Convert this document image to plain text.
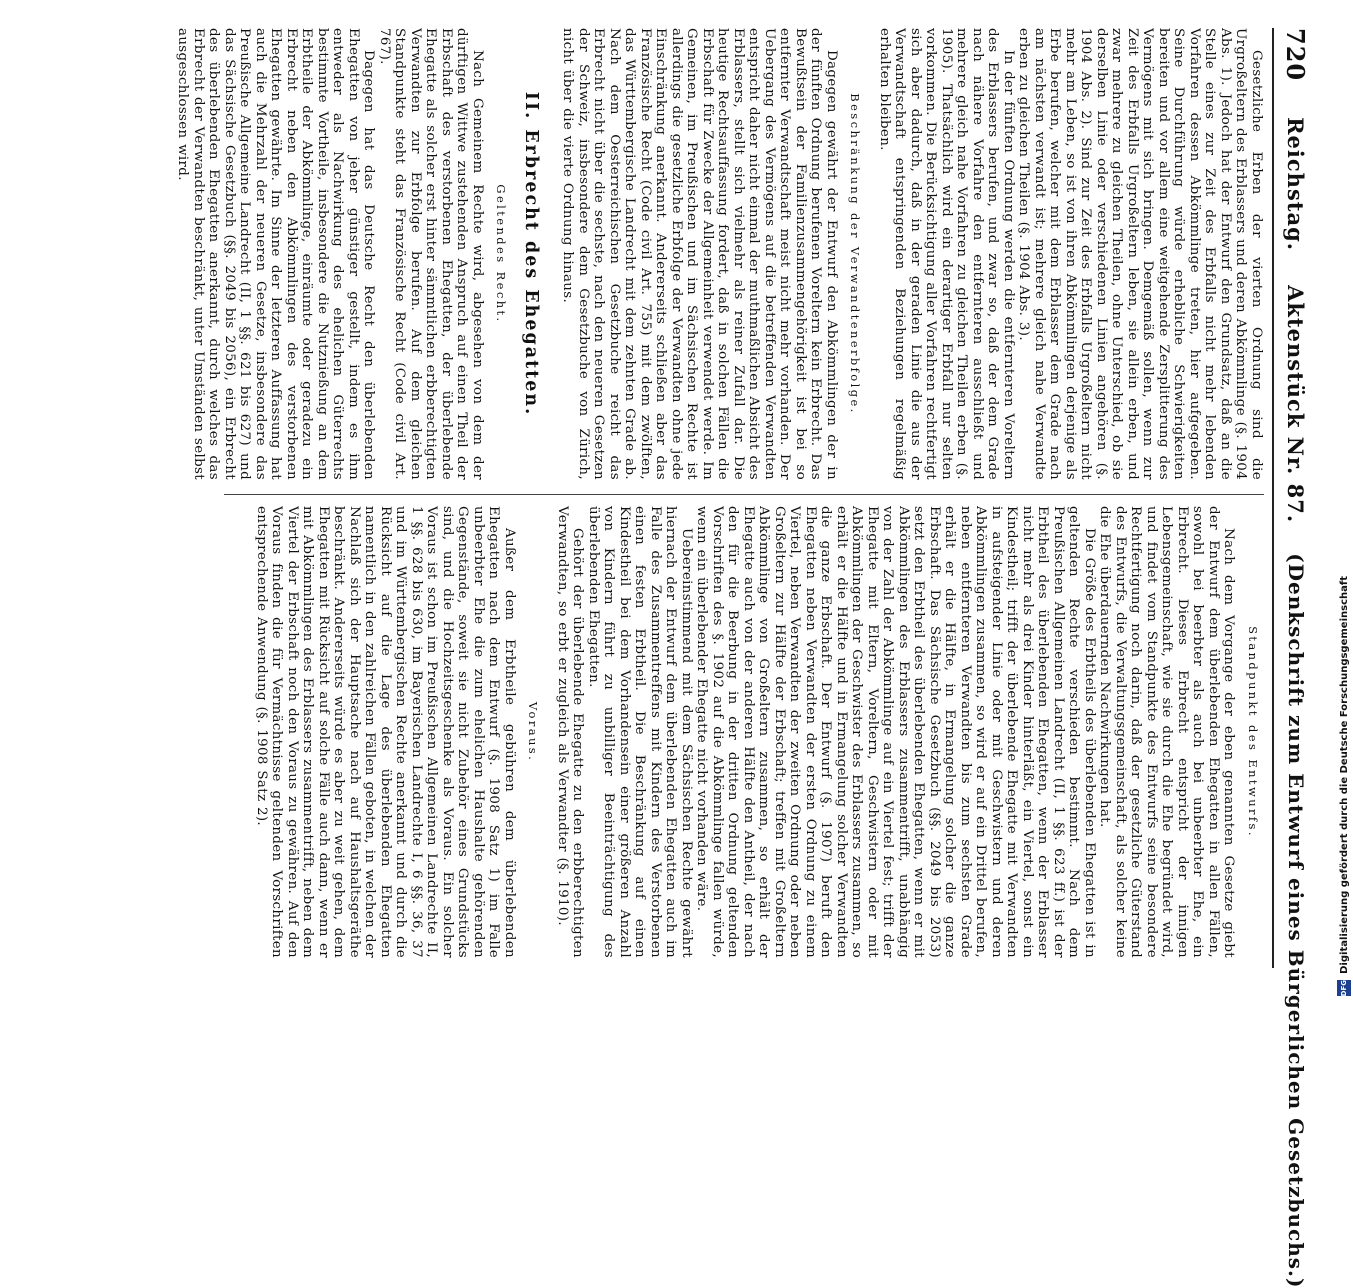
720
Reichstag.
Aktenstück Nr. 87.
(Denkschrift zum Entwurf eines Bürgerlichen Gesetzbuchs.)

Gesetzliche Erben der vierten Ordnung sind die Urgroßeltern des Erblassers und deren Abkömmlinge (§. 1904 Abs. 1). Jedoch hat der Entwurf den Grundsatz, daß an die Stelle eines zur Zeit des Erbfalls nicht mehr lebenden Vorfahren dessen Abkömmlinge treten, hier aufgegeben. Seine Durchführung würde erhebliche Schwierigkeiten bereiten und vor allem eine weitgehende Zersplitterung des Vermögens mit sich bringen. Demgemäß sollen, wenn zur Zeit des Erbfalls Urgroßeltern leben, sie allein erben, und zwar mehrere zu gleichen Theilen, ohne Unterschied, ob sie derselben Linie oder verschiedenen Linien angehören (§. 1904 Abs. 2). Sind zur Zeit des Erbfalls Urgroßeltern nicht mehr am Leben, so ist von ihren Abkömmlingen derjenige als Erbe berufen, welcher mit dem Erblasser dem Grade nach am nächsten verwandt ist; mehrere gleich nahe Verwandte erben zu gleichen Theilen (§. 1904 Abs. 3).

In der fünften Ordnung werden die entfernteren Voreltern des Erblassers berufen, und zwar so, daß der dem Grade nach nähere Vorfahre den entfernteren ausschließt und mehrere gleich nahe Vorfahren zu gleichen Theilen erben (§. 1905). Thatsächlich wird ein derartiger Erbfall nur selten vorkommen. Die Berücksichtigung aller Vorfahren rechtfertigt sich aber dadurch, daß in der geraden Linie die aus der Verwandtschaft entspringenden Beziehungen regelmäßig erhalten bleiben.

Beschränkung der Verwandtenerbfolge.

Dagegen gewährt der Entwurf den Abkömmlingen der in der fünften Ordnung berufenen Voreltern kein Erbrecht. Das Bewußtsein der Familienzusammengehörigkeit ist bei so entfernter Verwandtschaft meist nicht mehr vorhanden. Der Uebergang des Vermögens auf die betreffenden Verwandten entspricht daher nicht einmal der muthmaßlichen Absicht des Erblassers, stellt sich vielmehr als reiner Zufall dar. Die heutige Rechtsauffassung fordert, daß in solchen Fällen die Erbschaft für Zwecke der Allgemeinheit verwendet werde. Im Gemeinen, im Preußischen und im Sächsischen Rechte ist allerdings die gesetzliche Erbfolge der Verwandten ohne jede Einschränkung anerkannt. Andererseits schließen aber das Französische Recht (Code civil Art. 755) mit dem zwölften, das Württembergische Landrecht mit dem zehnten Grade ab. Nach dem Oesterreichischen Gesetzbuche reicht das Erbrecht nicht über die sechste, nach den neueren Gesetzen der Schweiz, insbesondere dem Gesetzbuche von Zürich, nicht über die vierte Ordnung hinaus.

II. Erbrecht des Ehegatten.
Geltendes Recht.

Nach Gemeinem Rechte wird, abgesehen von dem der dürftigen Wittwe zustehenden Anspruch auf einen Theil der Erbschaft des verstorbenen Ehegatten, der überlebende Ehegatte als solcher erst hinter sämmtlichen erbberechtigten Verwandten zur Erbfolge berufen. Auf dem gleichen Standpunkte steht das Französische Recht (Code civil Art. 767).

Dagegen hat das Deutsche Recht den überlebenden Ehegatten von jeher günstiger gestellt, indem es ihm entweder als Nachwirkung des ehelichen Güterrechts bestimmte Vortheile, insbesondere die Nutznießung an dem Erbtheile der Abkömmlinge, einräumte oder geradezu ein Erbrecht neben den Abkömmlingen des verstorbenen Ehegatten gewährte. Im Sinne der letzteren Auffassung hat auch die Mehrzahl der neueren Gesetze, insbesondere das Preußische Allgemeine Landrecht (II, 1 §§. 621 bis 627) und das Sächsische Gesetzbuch (§§. 2049 bis 2056), ein Erbrecht des überlebenden Ehegatten anerkannt, durch welches das Erbrecht der Verwandten beschränkt, unter Umständen selbst ausgeschlossen wird.

Standpunkt des Entwurfs.

Nach dem Vorgange der eben genannten Gesetze giebt der Entwurf dem überlebenden Ehegatten in allen Fällen, sowohl bei beerbter als auch bei unbeerbter Ehe, ein Erbrecht. Dieses Erbrecht entspricht der innigen Lebensgemeinschaft, wie sie durch die Ehe begründet wird, und findet vom Standpunkte des Entwurfs seine besondere Rechtfertigung noch darin, daß der gesetzliche Güterstand des Entwurfs, die Verwaltungsgemeinschaft, als solcher keine die Ehe überdauernden Nachwirkungen hat.

Die Größe des Erbtheils des überlebenden Ehegatten ist in geltenden Rechte verschieden bestimmt. Nach dem Preußischen Allgemeinen Landrecht (II, 1 §§. 623 ff.) ist der Erbtheil des überlebenden Ehegatten, wenn der Erblasser nicht mehr als drei Kinder hinterläßt, ein Viertel, sonst ein Kindestheil; trifft der überlebende Ehegatte mit Verwandten in aufsteigender Linie oder mit Geschwistern und deren Abkömmlingen zusammen, so wird er auf ein Drittel berufen, neben entfernteren Verwandten bis zum sechsten Grade erhält er die Hälfte, in Ermangelung solcher die ganze Erbschaft. Das Sächsische Gesetzbuch (§§. 2049 bis 2053) setzt den Erbtheil des überlebenden Ehegatten, wenn er mit Abkömmlingen des Erblassers zusammentrifft, unabhängig von der Zahl der Abkömmlinge auf ein Viertel fest; trifft der Ehegatte mit Eltern, Voreltern, Geschwistern oder mit Abkömmlingen der Geschwister des Erblassers zusammen, so erhält er die Hälfte und in Ermangelung solcher Verwandten die ganze Erbschaft. Der Entwurf (§. 1907) beruft den Ehegatten neben Verwandten der ersten Ordnung zu einem Viertel, neben Verwandten der zweiten Ordnung oder neben Großeltern zur Hälfte der Erbschaft; treffen mit Großeltern Abkömmlinge von Großeltern zusammen, so erhält der Ehegatte auch von der anderen Hälfte den Antheil, der nach den für die Beerbung in der dritten Ordnung geltenden Vorschriften des §. 1902 auf die Abkömmlinge fallen würde, wenn ein überlebender Ehegatte nicht vorhanden wäre.

Uebereinstimmend mit dem Sächsischen Rechte gewährt hiernach der Entwurf dem überlebenden Ehegatten auch im Falle des Zusammentreffens mit Kindern des Verstorbenen einen festen Erbtheil. Die Beschränkung auf einen Kindestheil bei dem Vorhandensein einer größeren Anzahl von Kindern führt zu unbilliger Beeinträchtigung des überlebenden Ehegatten.

Gehört der überlebende Ehegatte zu den erbberechtigten Verwandten, so erbt er zugleich als Verwandter (§. 1910).

Voraus.

Außer dem Erbtheile gebühren dem überlebenden Ehegatten nach dem Entwurf (§. 1908 Satz 1) im Falle unbeerbter Ehe die zum ehelichen Haushalte gehörenden Gegenstände, soweit sie nicht Zubehör eines Grundstücks sind, und die Hochzeitsgeschenke als Voraus. Ein solcher Voraus ist schon im Preußischen Allgemeinen Landrechte II, 1 §§. 628 bis 630, im Bayerischen Landrechte I, 6 §§. 36, 37 und im Württembergischen Rechte anerkannt und durch die Rücksicht auf die Lage des überlebenden Ehegatten namentlich in den zahlreichen Fällen geboten, in welchen der Nachlaß sich der Hauptsache nach auf Haushaltsgeräthe beschränkt. Andererseits würde es aber zu weit gehen, dem Ehegatten mit Rücksicht auf solche Fälle auch dann, wenn er mit Abkömmlingen des Erblassers zusammentrifft, neben dem Viertel der Erbschaft noch den Voraus zu gewähren. Auf den Voraus finden die für Vermächtnisse geltenden Vorschriften entsprechende Anwendung (§. 1908 Satz 2).	Digitalisierung gefördert durch die Deutsche Forschungsgemeinschaft
DFG
